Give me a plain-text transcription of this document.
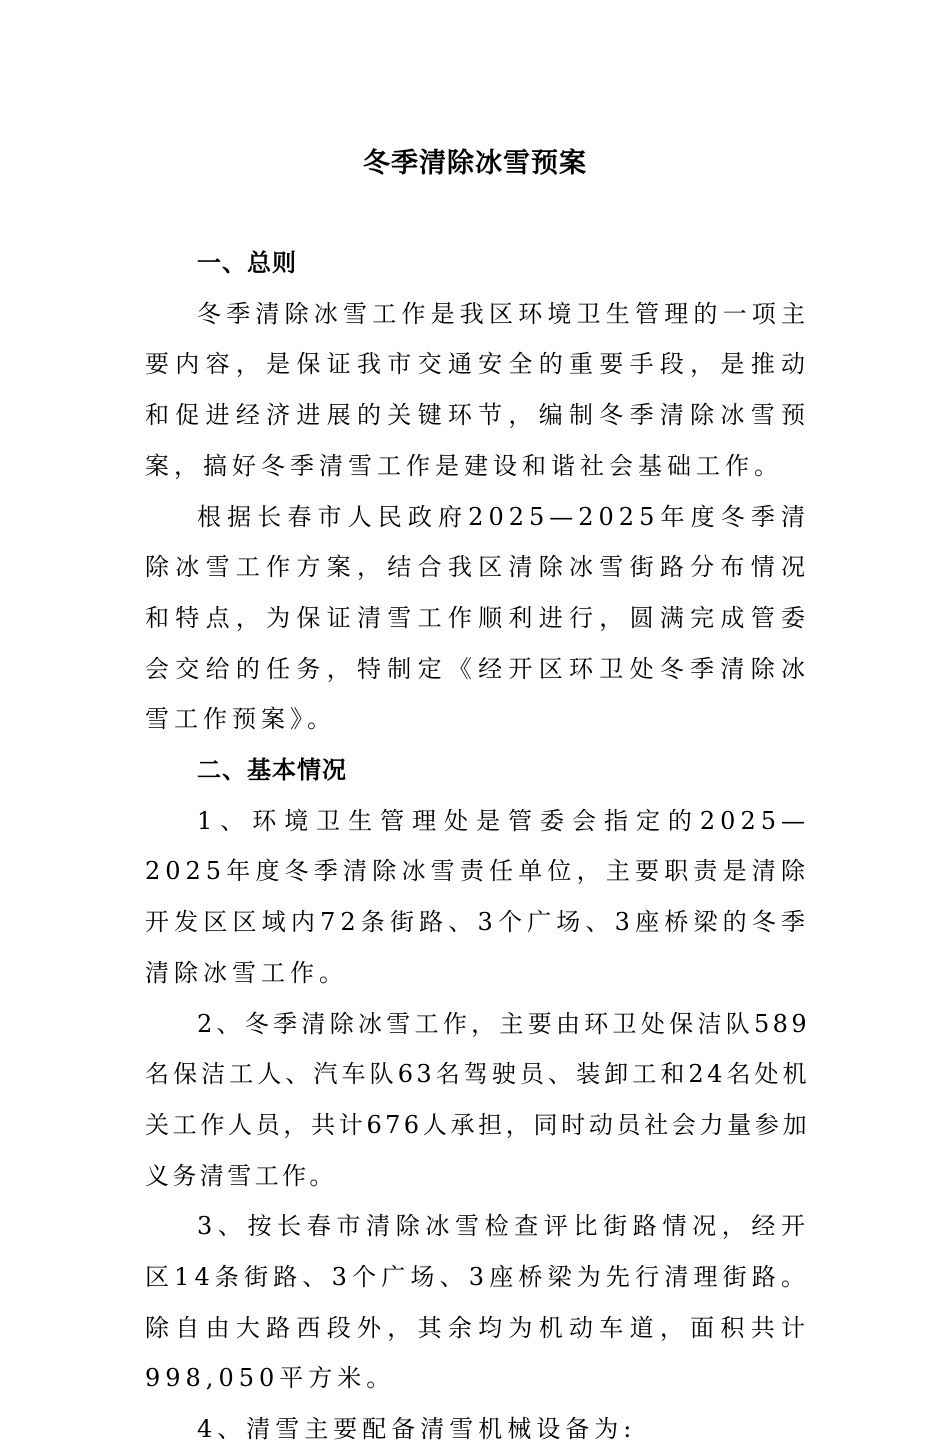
冬季清除冰雪预案

一、总则

冬季清除冰雪工作是我区环境卫生管理的一项主要内容，是保证我市交通安全的重要手段，是推动和促进经济进展的关键环节，编制冬季清除冰雪预案，搞好冬季清雪工作是建设和谐社会基础工作。

根据长春市人民政府2025—2025年度冬季清除冰雪工作方案，结合我区清除冰雪街路分布情况和特点，为保证清雪工作顺利进行，圆满完成管委会交给的任务，特制定《经开区环卫处冬季清除冰雪工作预案》。

二、基本情况

1、环境卫生管理处是管委会指定的2025—2025年度冬季清除冰雪责任单位，主要职责是清除开发区区域内72条街路、3个广场、3座桥梁的冬季清除冰雪工作。

2、冬季清除冰雪工作，主要由环卫处保洁队589名保洁工人、汽车队63名驾驶员、装卸工和24名处机关工作人员，共计676人承担，同时动员社会力量参加义务清雪工作。

3、按长春市清除冰雪检查评比街路情况，经开区14条街路、3个广场、3座桥梁为先行清理街路。除自由大路西段外，其余均为机动车道，面积共计998,050平方米。

4、清雪主要配备清雪机械设备为:
